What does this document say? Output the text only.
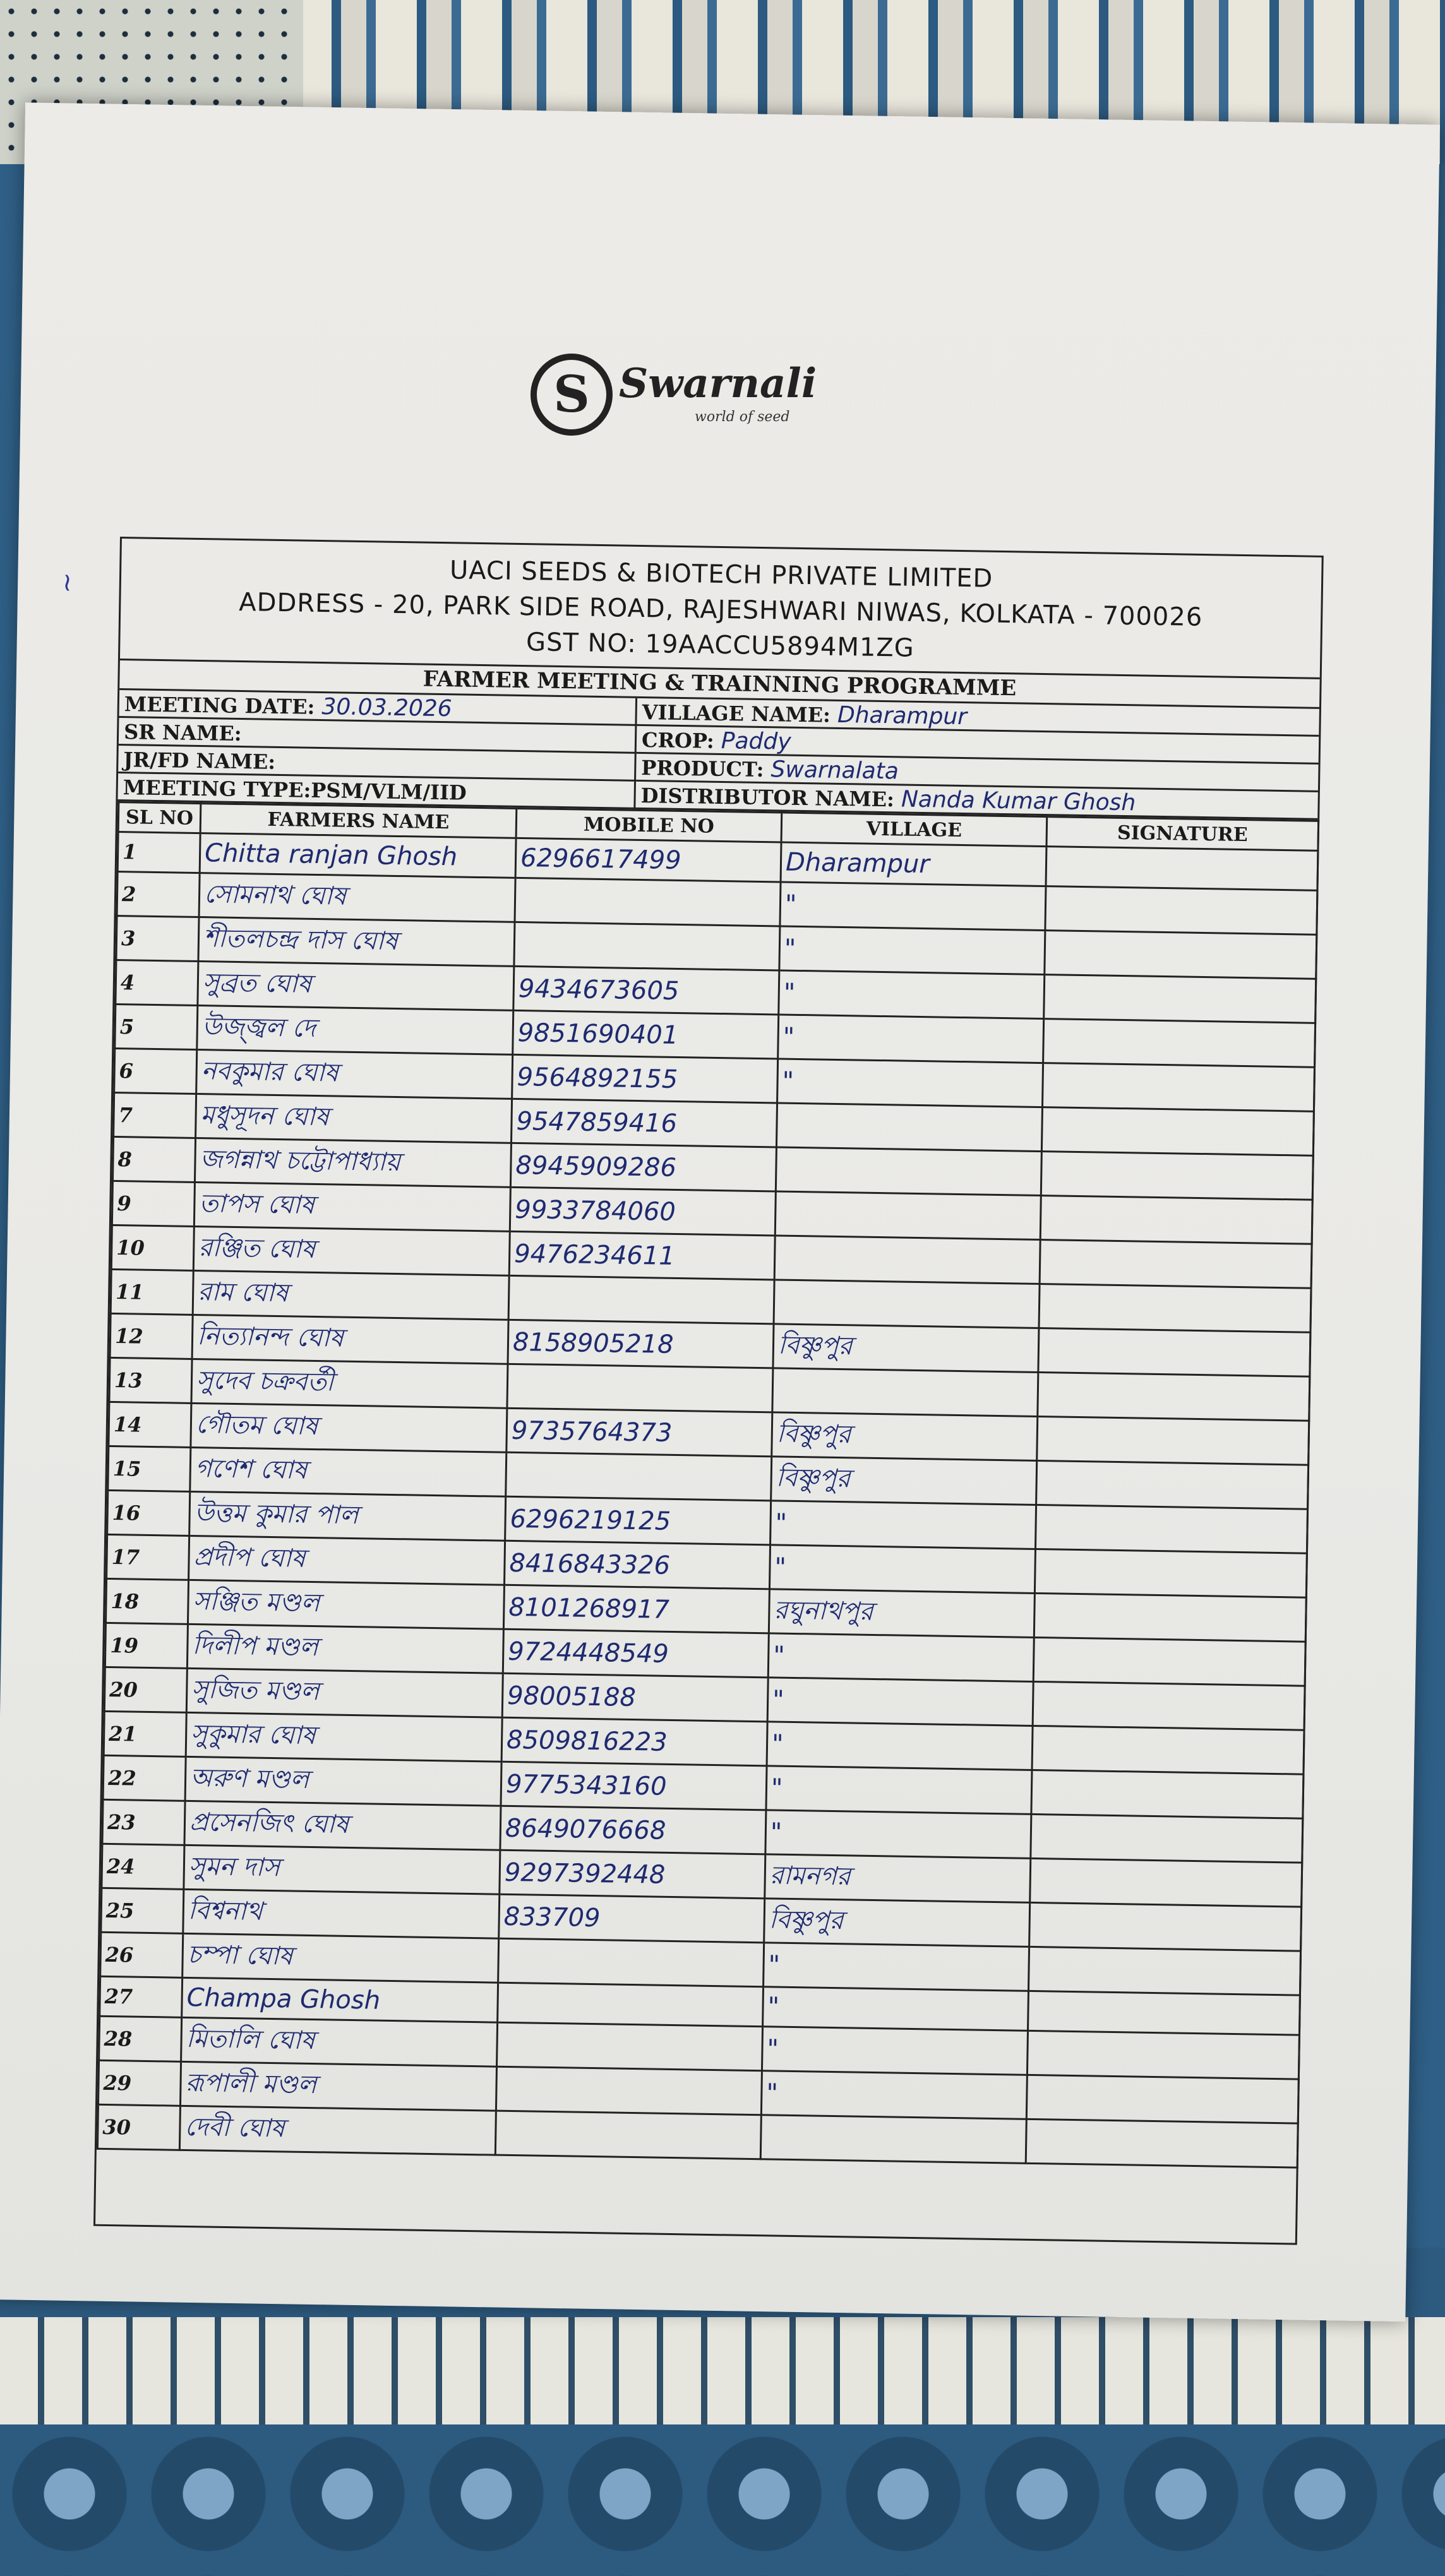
S Swarnali
world of seed
~	UACI SEEDS & BIOTECH PRIVATE LIMITED
ADDRESS - 20, PARK SIDE ROAD, RAJESHWARI NIWAS, KOLKATA - 700026
GST NO: 19AACCU5894M1ZG
FARMER MEETING & TRAINNING PROGRAMME
MEETING DATE: 30.03.2026	VILLAGE NAME: Dharampur
SR NAME:	CROP: Paddy
JR/FD NAME:	PRODUCT: Swarnalata
MEETING TYPE:PSM/VLM/IID	DISTRIBUTOR NAME: Nanda Kumar Ghosh
SL NO	FARMERS NAME	MOBILE NO	VILLAGE	SIGNATURE
1	Chitta ranjan Ghosh	6296617499	Dharampur	
2	সোমনাথ ঘোষ		"	
3	শীতলচন্দ্র দাস ঘোষ		"	
4	সুব্রত ঘোষ	9434673605	"	
5	উজ্জ্বল দে	9851690401	"	
6	নবকুমার ঘোষ	9564892155	"	
7	মধুসূদন ঘোষ	9547859416		
8	জগন্নাথ চট্টোপাধ্যায়	8945909286		
9	তাপস ঘোষ	9933784060		
10	রঞ্জিত ঘোষ	9476234611		
11	রাম ঘোষ			
12	নিত্যানন্দ ঘোষ	8158905218	বিষ্ণুপুর	
13	সুদেব চক্রবর্তী			
14	গৌতম ঘোষ	9735764373	বিষ্ণুপুর	
15	গণেশ ঘোষ		বিষ্ণুপুর	
16	উত্তম কুমার পাল	6296219125	"	
17	প্রদীপ ঘোষ	8416843326	"	
18	সঞ্জিত মণ্ডল	8101268917	রঘুনাথপুর	
19	দিলীপ মণ্ডল	9724448549	"	
20	সুজিত মণ্ডল	98005188	"	
21	সুকুমার ঘোষ	8509816223	"	
22	অরুণ মণ্ডল	9775343160	"	
23	প্রসেনজিৎ ঘোষ	8649076668	"	
24	সুমন দাস	9297392448	রামনগর	
25	বিশ্বনাথ	833709	বিষ্ণুপুর	
26	চম্পা ঘোষ		"	
27	Champa Ghosh		"	
28	মিতালি ঘোষ		"	
29	রূপালী মণ্ডল		"	
30	দেবী ঘোষ			
